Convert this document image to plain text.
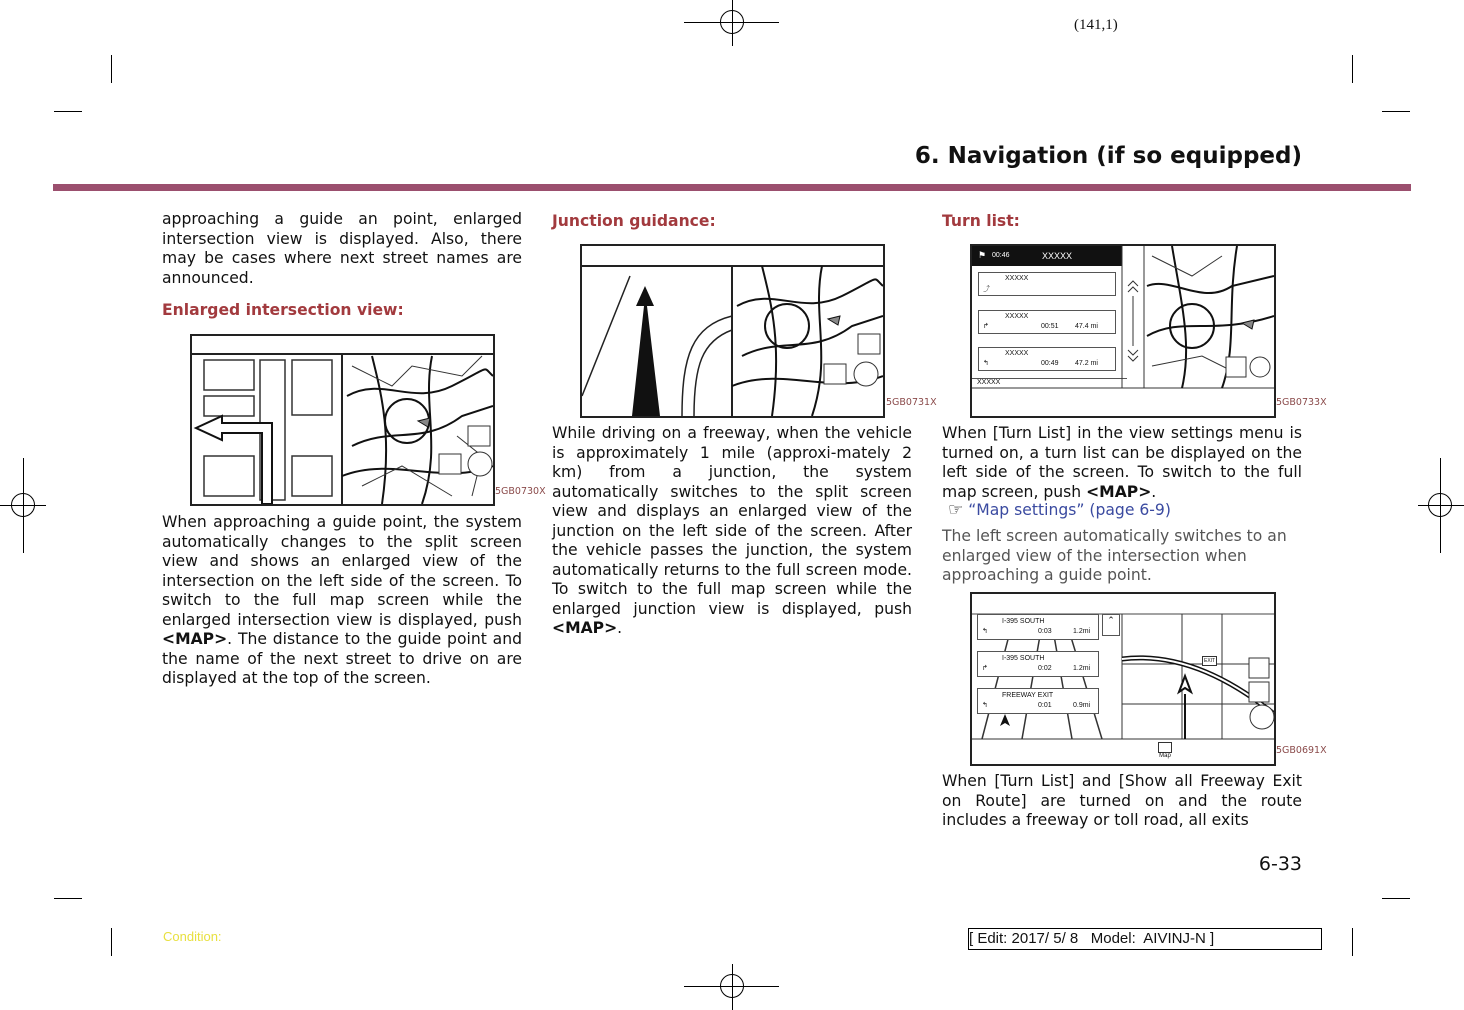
(141,1)
6. Navigation (if so equipped)
approaching a guide an point, enlarged intersection view is displayed. Also, there may be cases where next street names are announced.
Enlarged intersection view:
5GB0730X
When approaching a guide point, the system automatically changes to the split screen view and shows an enlarged view of the intersection on the left side of the screen. To switch to the full map screen while the enlarged intersection view is displayed, push <MAP>. The distance to the guide point and the name of the next street to drive on are displayed at the top of the screen.
Junction guidance:
5GB0731X
While driving on a freeway, when the vehicle is approximately 1 mile (approxi-mately 2 km) from a junction, the system automatically switches to the split screen view and displays an enlarged view of the junction on the left side of the screen. After the vehicle passes the junction, the system automatically returns to the full screen mode. To switch to the full map screen while the enlarged junction view is displayed, push <MAP>.
Turn list:
⚑ 00:46	XXXXX
XXXXX
⤴
XXXXX
↱	00:51 47.4 mi
XXXXX
↰	00:49 47.2 mi
XXXXX
5GB0733X
When [Turn List] in the view settings menu is turned on, a turn list can be displayed on the left side of the screen. To switch to the full map screen, push <MAP>.
☞ “Map settings” (page 6-9)
The left screen automatically switches to an enlarged view of the intersection when approaching a guide point.
EXIT
I-395 SOUTH
↰	0:03	1.2mi
I-395 SOUTH
↱	0:02	1.2mi
FREEWAY EXIT
↰	0:01	0.9mi
⌃
Map	5GB0691X
When [Turn List] and [Show all Freeway Exit on Route] are turned on and the route includes a freeway or toll road, all exits
6-33
Condition:	[ Edit: 2017/ 5/ 8   Model:  AIVINJ-N ]
